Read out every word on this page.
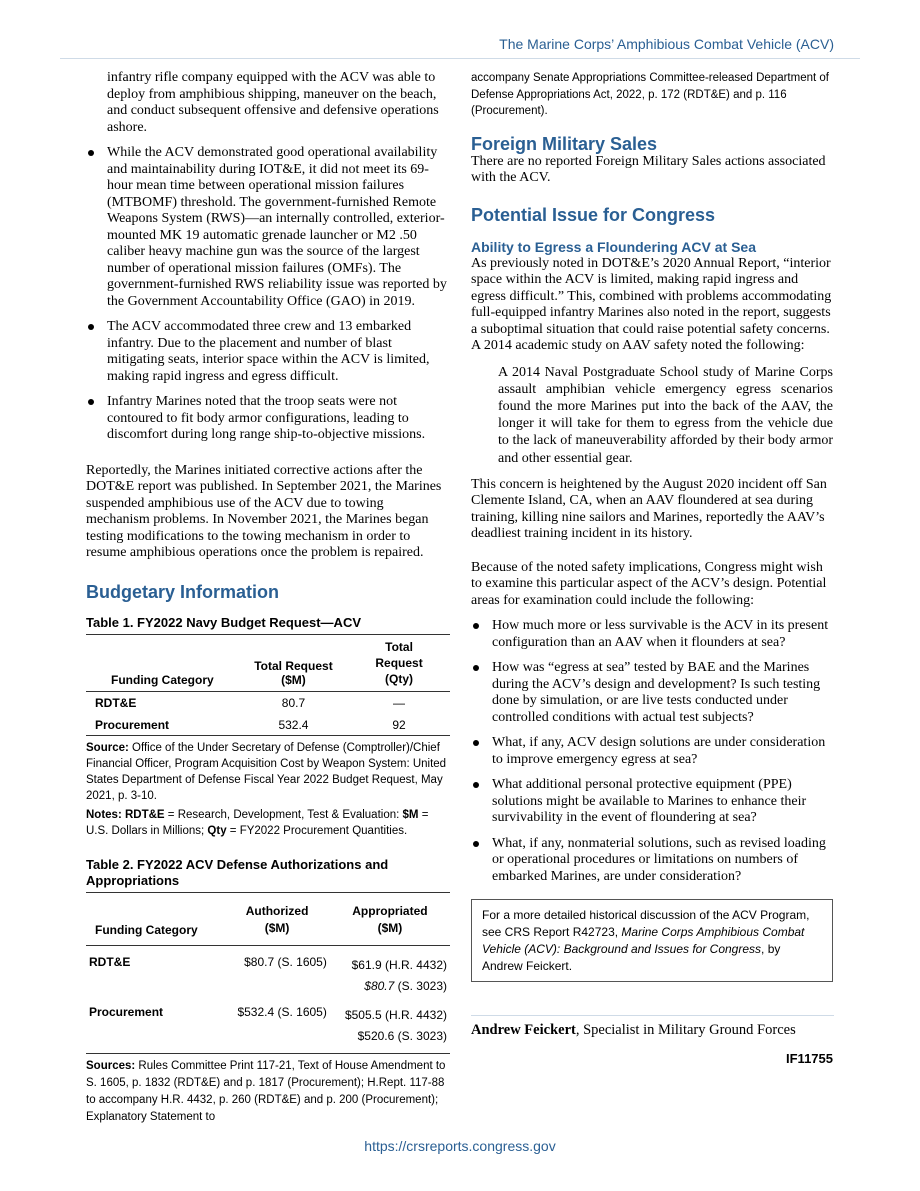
The Marine Corps’ Amphibious Combat Vehicle (ACV)

infantry rifle company equipped with the ACV was able to deploy from amphibious shipping, maneuver on the beach, and conduct subsequent offensive and defensive operations ashore.

While the ACV demonstrated good operational availability and maintainability during IOT&E, it did not meet its 69-hour mean time between operational mission failures (MTBOMF) threshold. The government-furnished Remote Weapons System (RWS)—an internally controlled, exterior-mounted MK 19 automatic grenade launcher or M2 .50 caliber heavy machine gun was the source of the largest number of operational mission failures (OMFs). The government-furnished RWS reliability issue was reported by the Government Accountability Office (GAO) in 2019.
The ACV accommodated three crew and 13 embarked infantry. Due to the placement and number of blast mitigating seats, interior space within the ACV is limited, making rapid ingress and egress difficult.
Infantry Marines noted that the troop seats were not contoured to fit body armor configurations, leading to discomfort during long range ship-to-objective missions.

Reportedly, the Marines initiated corrective actions after the DOT&E report was published. In September 2021, the Marines suspended amphibious use of the ACV due to towing mechanism problems. In November 2021, the Marines began testing modifications to the towing mechanism in order to resume amphibious operations once the problem is repaired.

Budgetary Information
Table 1. FY2022 Navy Budget Request—ACV
Funding Category	Total Request ($M)	Total Request (Qty)

RDT&E	80.7	—
Procurement	532.4	92
Source: Office of the Under Secretary of Defense (Comptroller)/Chief Financial Officer, Program Acquisition Cost by Weapon System: United States Department of Defense Fiscal Year 2022 Budget Request, May 2021, p. 3-10.
Notes: RDT&E = Research, Development, Test & Evaluation: $M = U.S. Dollars in Millions; Qty = FY2022 Procurement Quantities.
Table 2. FY2022 ACV Defense Authorizations and Appropriations
Funding Category	Authorized ($M)	Appropriated ($M)

RDT&E	$80.7 (S. 1605)	$61.9 (H.R. 4432)
$80.7 (S. 3023)

Procurement	$532.4 (S. 1605)	$505.5 (H.R. 4432)
$520.6 (S. 3023)
Sources: Rules Committee Print 117-21, Text of House Amendment to S. 1605, p. 1832 (RDT&E) and p. 1817 (Procurement); H.Rept. 117-88 to accompany H.R. 4432, p. 260 (RDT&E) and p. 200 (Procurement); Explanatory Statement to
accompany Senate Appropriations Committee-released Department of Defense Appropriations Act, 2022, p. 172 (RDT&E) and p. 116 (Procurement).
Foreign Military Sales

There are no reported Foreign Military Sales actions associated with the ACV.

Potential Issue for Congress
Ability to Egress a Floundering ACV at Sea

As previously noted in DOT&E’s 2020 Annual Report, “interior space within the ACV is limited, making rapid ingress and egress difficult.” This, combined with problems accommodating full-equipped infantry Marines also noted in the report, suggests a suboptimal situation that could raise potential safety concerns. A 2014 academic study on AAV safety noted the following:

A 2014 Naval Postgraduate School study of Marine Corps assault amphibian vehicle emergency egress scenarios found the more Marines put into the back of the AAV, the longer it will take for them to egress from the vehicle due to the lack of maneuverability afforded by their body armor and other essential gear.

This concern is heightened by the August 2020 incident off San Clemente Island, CA, when an AAV floundered at sea during training, killing nine sailors and Marines, reportedly the AAV’s deadliest training incident in its history.

Because of the noted safety implications, Congress might wish to examine this particular aspect of the ACV’s design. Potential areas for examination could include the following:

How much more or less survivable is the ACV in its present configuration than an AAV when it flounders at sea?
How was “egress at sea” tested by BAE and the Marines during the ACV’s design and development? Is such testing done by simulation, or are live tests conducted under controlled conditions with actual test subjects?
What, if any, ACV design solutions are under consideration to improve emergency egress at sea?
What additional personal protective equipment (PPE) solutions might be available to Marines to enhance their survivability in the event of floundering at sea?
What, if any, nonmaterial solutions, such as revised loading or operational procedures or limitations on numbers of embarked Marines, are under consideration?
For a more detailed historical discussion of the ACV Program, see CRS Report R42723, Marine Corps Amphibious Combat Vehicle (ACV): Background and Issues for Congress, by Andrew Feickert.

Andrew Feickert, Specialist in Military Ground Forces

IF11755
https://crsreports.congress.gov
